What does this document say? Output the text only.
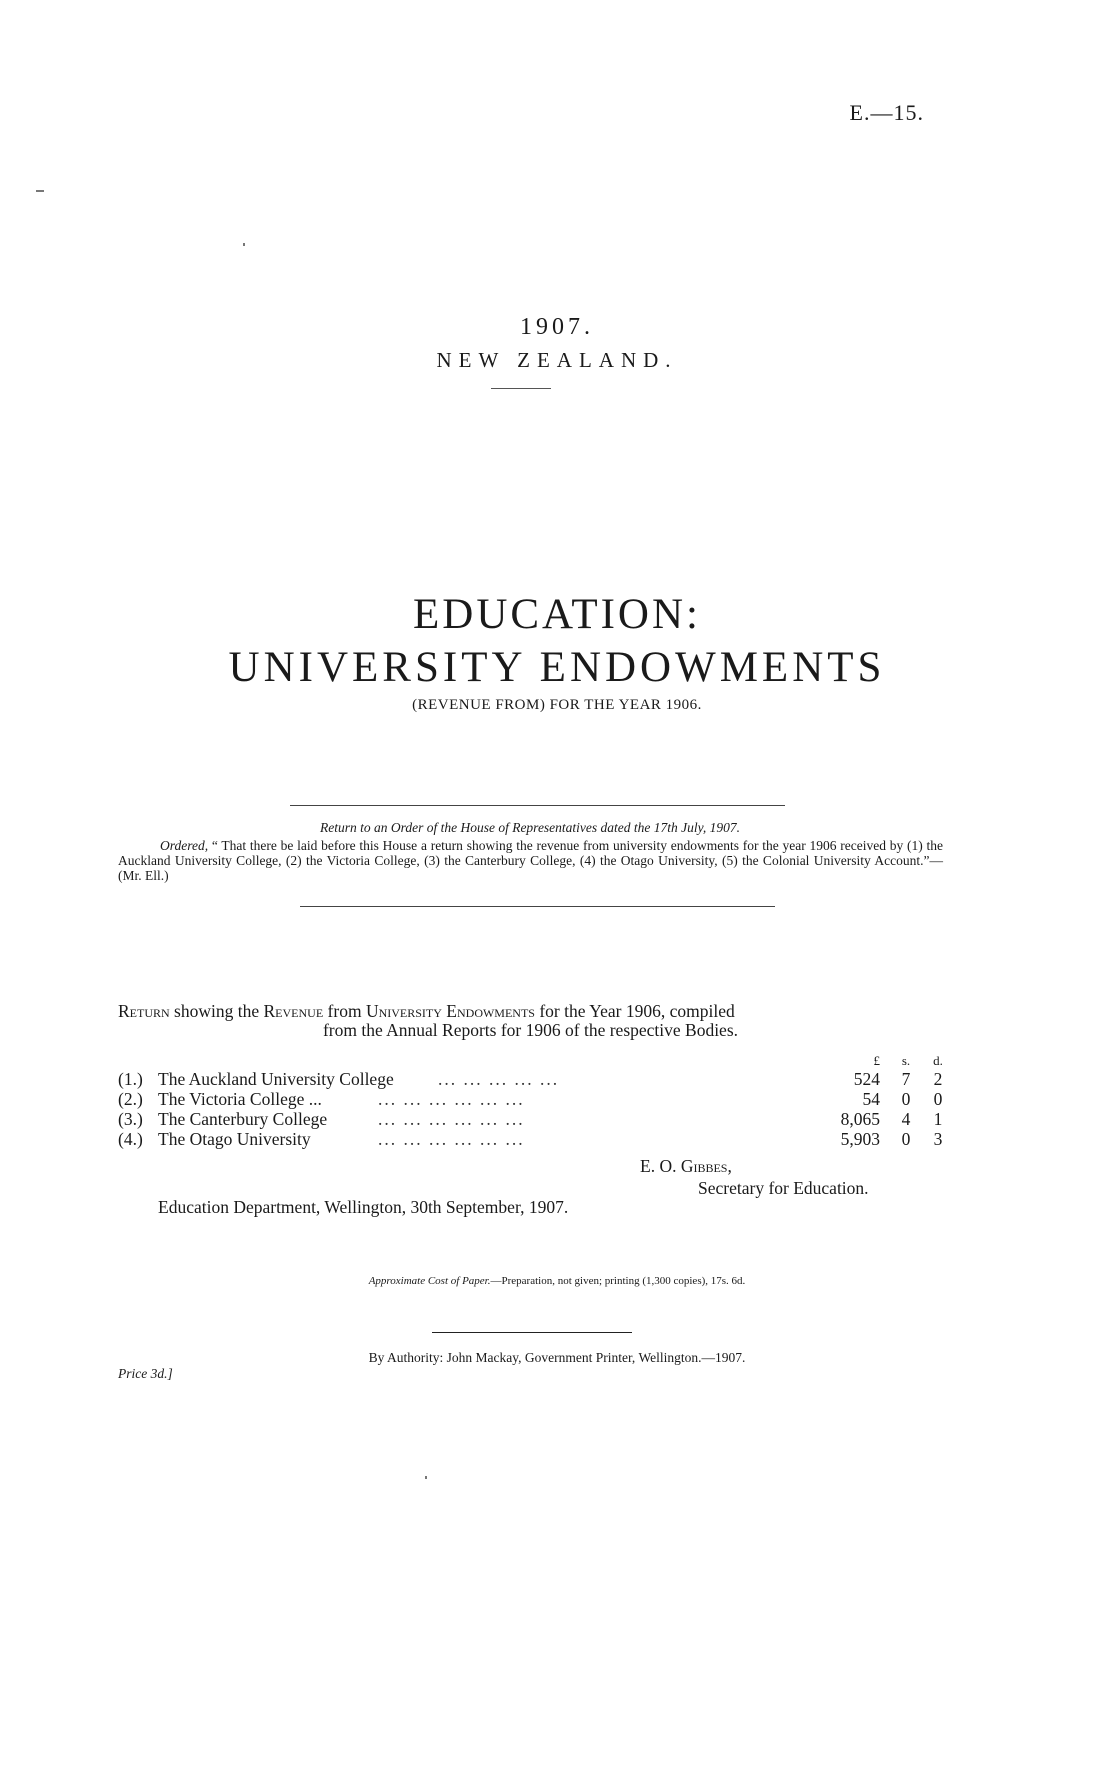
E.—15.
1907.
NEW ZEALAND.
EDUCATION:
UNIVERSITY ENDOWMENTS
(REVENUE FROM) FOR THE YEAR 1906.
Return to an Order of the House of Representatives dated the 17th July, 1907.
Ordered, “ That there be laid before this House a return showing the revenue from university endowments for the year 1906 received by (1) the Auckland University College, (2) the Victoria College, (3) the Canterbury College, (4) the Otago University, (5) the Colonial University Account.”—(Mr. Ell.)
Return showing the Revenue from University Endowments for the Year 1906, compiled
from the Annual Reports for 1906 of the respective Bodies.
£	s.	d.
(1.) The Auckland University College	... ... ... ... ...	524	7	2
(2.) The Victoria College ...	... ... ... ... ... ...	54	0	0
(3.) The Canterbury College	... ... ... ... ... ...	8,065	4	1
(4.) The Otago University	... ... ... ... ... ...	5,903	0	3
E. O. Gibbes,
Secretary for Education.
Education Department, Wellington, 30th September, 1907.
Approximate Cost of Paper.—Preparation, not given; printing (1,300 copies), 17s. 6d.
By Authority: John Mackay, Government Printer, Wellington.—1907.
Price 3d.]
